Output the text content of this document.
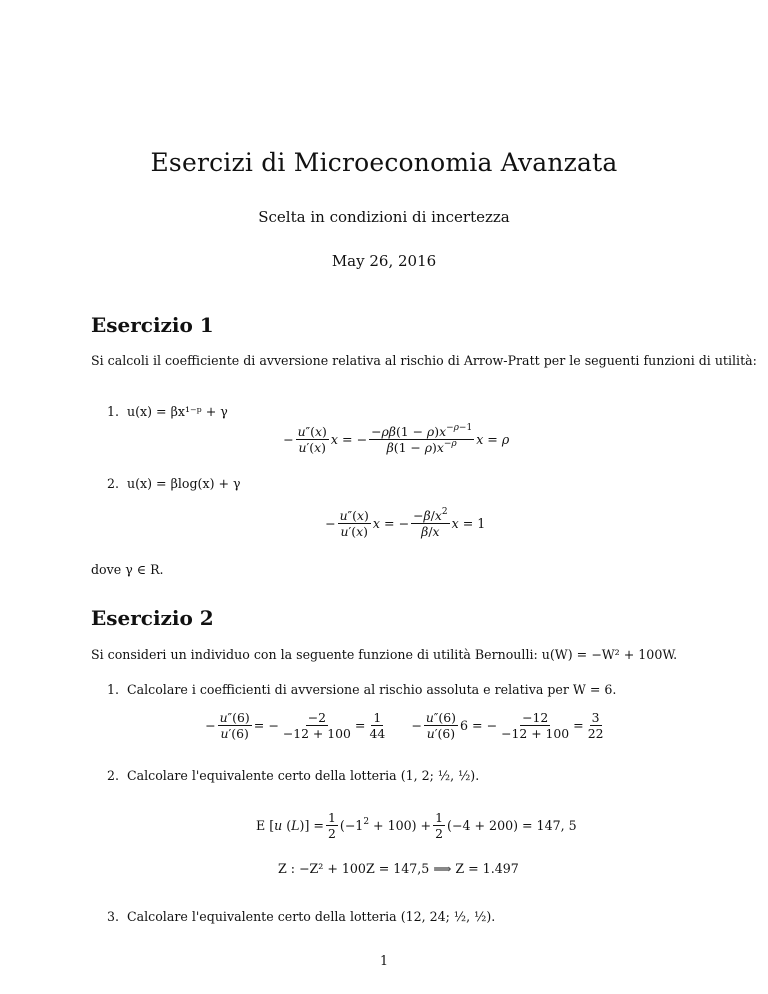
Esercizi di Microeconomia Avanzata
Scelta in condizioni di incertezza
May 26, 2016
Esercizio 1
Si calcoli il coefficiente di avversione relativa al rischio di Arrow-Pratt per le seguenti funzioni di utilità:
1. u(x) = βx¹⁻ᵖ + γ
− $\frac{u''(x)}{u'(x)}$ x = − $\frac{-\rho\beta(1 - \rho)x^{-\rho-1}}{\beta(1 - \rho)x^{-\rho}}$ x = ρ
2. u(x) = βlog(x) + γ
− $\frac{u''(x)}{u'(x)}$ x = − $\frac{-\beta/x^2}{\beta/x}$ x = 1
dove γ ∈ R.
Esercizio 2
Si consideri un individuo con la seguente funzione di utilità Bernoulli: u(W) = −W² + 100W.
1. Calcolare i coefficienti di avversione al rischio assoluta e relativa per W = 6.
− $\frac{u''(6)}{u'(6)}$ = − $\frac{-2}{-12 + 100} = \frac{1}{44} - \frac{u''(6)}{u'(6)} 6$ = − $\frac{-12}{-12 + 100} = \frac{3}{22}$
2. Calcolare l'equivalente certo della lotteria (1, 2; ½, ½).
E [u $(L)] = \frac{1}{2} (-1^2 + 100) + \frac{1}{2} (-4 + 200) = 147$, 5
Z : −Z² + 100Z = 147,5 ⟹ Z = 1.497
3. Calcolare l'equivalente certo della lotteria (12, 24; ½, ½).
1
